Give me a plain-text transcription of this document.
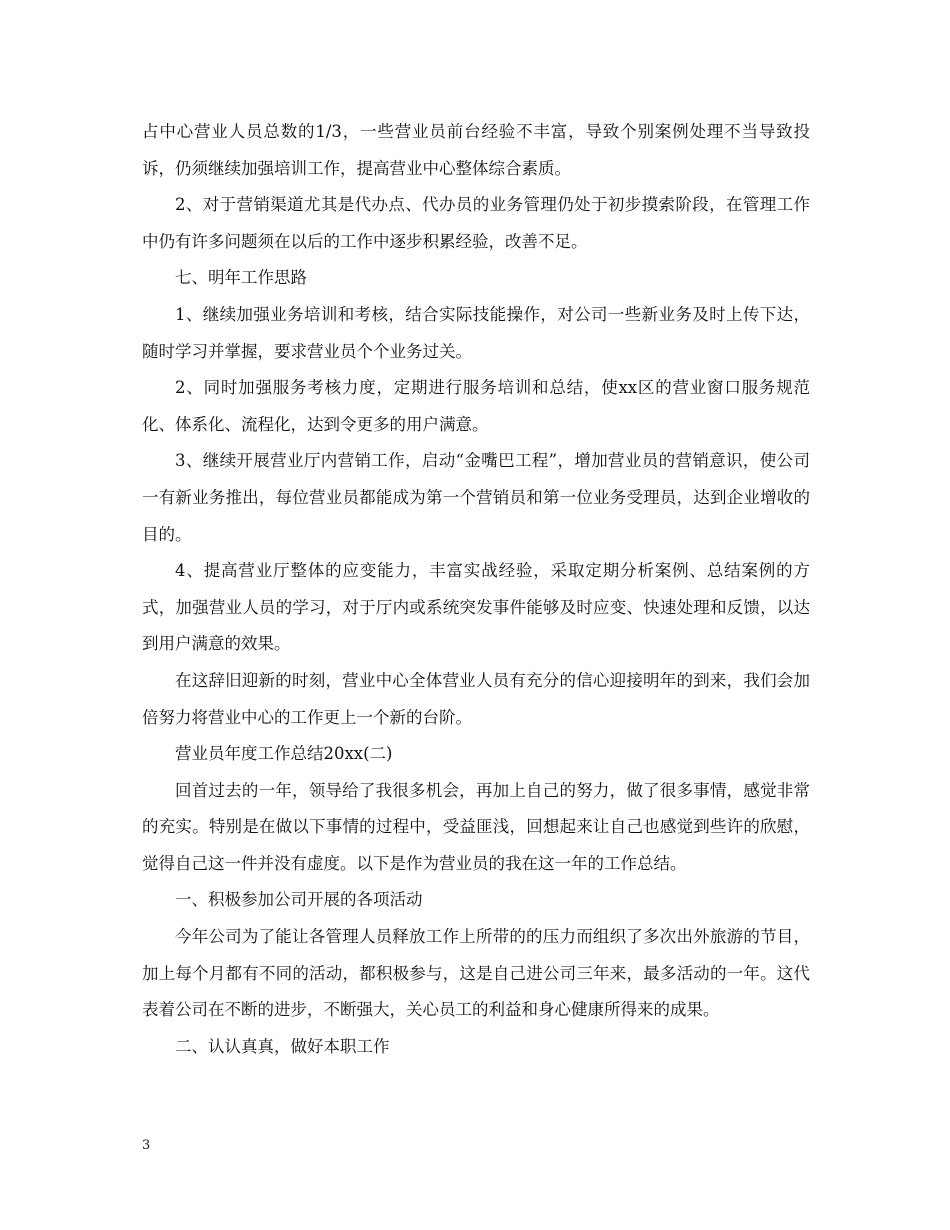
占中心营业人员总数的1/3，一些营业员前台经验不丰富，导致个别案例处理不当导致投诉，仍须继续加强培训工作，提高营业中心整体综合素质。

2、对于营销渠道尤其是代办点、代办员的业务管理仍处于初步摸索阶段，在管理工作中仍有许多问题须在以后的工作中逐步积累经验，改善不足。

七、明年工作思路

1、继续加强业务培训和考核，结合实际技能操作，对公司一些新业务及时上传下达，随时学习并掌握，要求营业员个个业务过关。

2、同时加强服务考核力度，定期进行服务培训和总结，使xx区的营业窗口服务规范化、体系化、流程化，达到令更多的用户满意。

3、继续开展营业厅内营销工作，启动“金嘴巴工程”，增加营业员的营销意识，使公司一有新业务推出，每位营业员都能成为第一个营销员和第一位业务受理员，达到企业增收的目的。

4、提高营业厅整体的应变能力，丰富实战经验，采取定期分析案例、总结案例的方式，加强营业人员的学习，对于厅内或系统突发事件能够及时应变、快速处理和反馈，以达到用户满意的效果。

在这辞旧迎新的时刻，营业中心全体营业人员有充分的信心迎接明年的到来，我们会加倍努力将营业中心的工作更上一个新的台阶。

营业员年度工作总结20xx(二)

回首过去的一年，领导给了我很多机会，再加上自己的努力，做了很多事情，感觉非常的充实。特别是在做以下事情的过程中，受益匪浅，回想起来让自己也感觉到些许的欣慰，觉得自己这一件并没有虚度。以下是作为营业员的我在这一年的工作总结。

一、积极参加公司开展的各项活动

今年公司为了能让各管理人员释放工作上所带的的压力而组织了多次出外旅游的节目，加上每个月都有不同的活动，都积极参与，这是自己进公司三年来，最多活动的一年。这代表着公司在不断的进步，不断强大，关心员工的利益和身心健康所得来的成果。

二、认认真真，做好本职工作

3
